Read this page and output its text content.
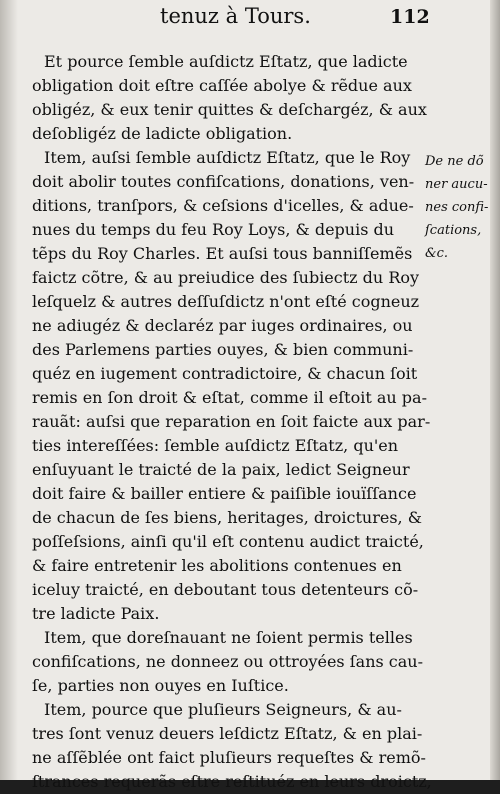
tenuz à Tours.	112
Et pource ſemble auſdictz Eſtatz, que ladicte
obligation doit eſtre caſſée abolye & rẽdue aux
obligéz, & eux tenir quittes & deſchargéz, & aux
deſobligéz de ladicte obligation.
Item, auſsi ſemble auſdictz Eſtatz, que le Roy
doit abolir toutes confiſcations, donations, ven-
ditions, tranſpors, & ceſsions d'icelles, & adue-
nues du temps du feu Roy Loys, & depuis du
tẽps du Roy Charles. Et auſsi tous banniſſemẽs
faictz cõtre, & au preiudice des ſubiectz du Roy
leſquelz & autres deſſuſdictz n'ont eſté cogneuz
ne adiugéz & declaréz par iuges ordinaires, ou
des Parlemens parties ouyes, & bien communi-
quéz en iugement contradictoire, & chacun ſoit
remis en ſon droit & eſtat, comme il eſtoit au pa-
rauãt: auſsi que reparation en ſoit faicte aux par-
ties intereſſées: ſemble auſdictz Eſtatz, qu'en
enſuyuant le traicté de la paix, ledict Seigneur
doit faire & bailler entiere & paiſible iouïſſance
de chacun de ſes biens, heritages, droictures, &
poſſeſsions, ainſi qu'il eſt contenu audict traicté,
& faire entretenir les abolitions contenues en
iceluy traicté, en deboutant tous detenteurs cõ-
tre ladicte Paix.
Item, que doreſnauant ne ſoient permis telles
confiſcations, ne donneez ou ottroyées ſans cau-
ſe, parties non ouyes en Iuſtice.
Item, pource que pluſieurs Seigneurs, & au-
tres ſont venuz deuers leſdictz Eſtatz, & en plai-
ne aſſẽblée ont faict pluſieurs requeſtes & remõ-
ſtrances requerãs eſtre reſtituéz en leurs droictz,
De ne dõ
ner aucu-
nes confi-
ſcations,
&c.
